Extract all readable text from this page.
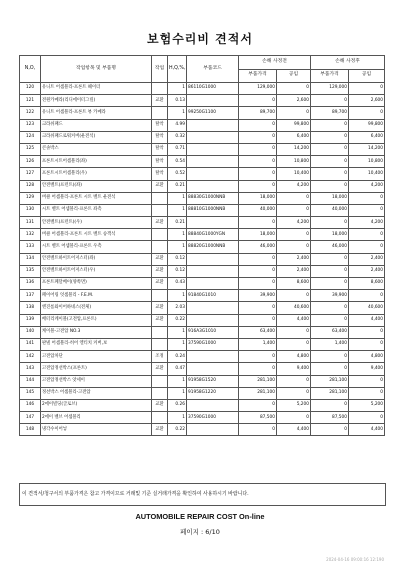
보험수리비 견적서
N,O,	작업항목 및 부품명	작업	H,Q,%,	부품코드	손해 사정전		손해 사정후	
					부품가격	공임	부품가격	공임
120	유니트 어셈블리-프론트 헤이더		1	86110G1000	129,000	0	129,000	0
121	전원카메라(리디에이터그릴)	교환	0.13		0	2,600	0	2,600
122	유니트 어셈블리-프론트 뷰 카메라		1	99250G1100	89,700	0	89,700	0
123	크라쉬패드	탈착	4.99		0	99,800	0	99,800
124	크라쉬패드로워커버(운전석)	탈착	0.32		0	6,400	0	6,400
125	콘솔박스	탈착	0.71		0	14,200	0	14,200
126	프론트시트어셈블리(좌)	탈착	0.54		0	10,800	0	10,800
127	프론트시트어셈블리(우)	탈착	0.52		0	10,400	0	10,400
128	안전벨트(프런트)(좌)	교환	0.21		0	4,200	0	4,200
129	버클 어셈블리-프론트 시트 벨트 운전석		1	88830G1000NNB	18,000	0	18,000	0
130	시트 벨트 어셈블리-프론트 좌측		1	88810G1000NNB	40,000	0	40,000	0
131	안전벨트(프런트)(우)	교환	0.21		0	4,200	0	4,200
132	버클 어셈블리-프론트 시트 벨트 승객석		1	88840G1000YGN	18,000	0	18,000	0
133	시트 벨트 어셈블리-프론트 우측		1	88820G1000NNB	46,000	0	46,000	0
134	안전벨트하이트어저스터(좌)	교환	0.12		0	2,400	0	2,400
135	안전벨트하이트어저스터(우)	교환	0.12		0	2,400	0	2,400
136	프론트페달베이(양쪽면)	교환	0.43		0	8,600	0	8,600
137	페이어링 엇셈블리 - F.E.M.		1	91840G1010	39,900	0	39,900	0
138	엔진룸와이어하네스(전체)	교환	2.03		0	40,600	0	40,600
139	배터리케이블(고전압,프론트)	교환	0.22		0	4,400	0	4,400
140	케이블-고전압 NO.3		1	916A3G1010	63,400	0	63,400	0
141	판넬 어셈블리-히어 엘티치 커버,보		1	37590G1000	1,400	0	1,400	0
142	고전압차단	조정	0.24		0	4,800	0	4,800
143	고전압정션박스(프론트)	교환	0.47		0	9,400	0	9,400
144	고전압정션박스 앗세이		1	91958G1520	281,100	0	281,100	0
145	정션박스 어셈블리-고전압		1	91958G1220	281,100	0	281,100	0
146	2에이빌딩(글로브)	교환	0.26		0	5,200	0	5,200
147	2에이 벨브 어셈블리		1	37590G1000	87,500	0	87,500	0
148	냉각수이어넣	교환	0.22		0	4,400	0	4,400
이 견적서/청구서의 부품가격은 참고 가격이므로 거래및 기준 실거래가격을 확인하여 사용하시기 바랍니다.
AUTOMOBILE REPAIR COST On-line
페이지 : 6/10
2024-04-16 09:00:16 12:190
